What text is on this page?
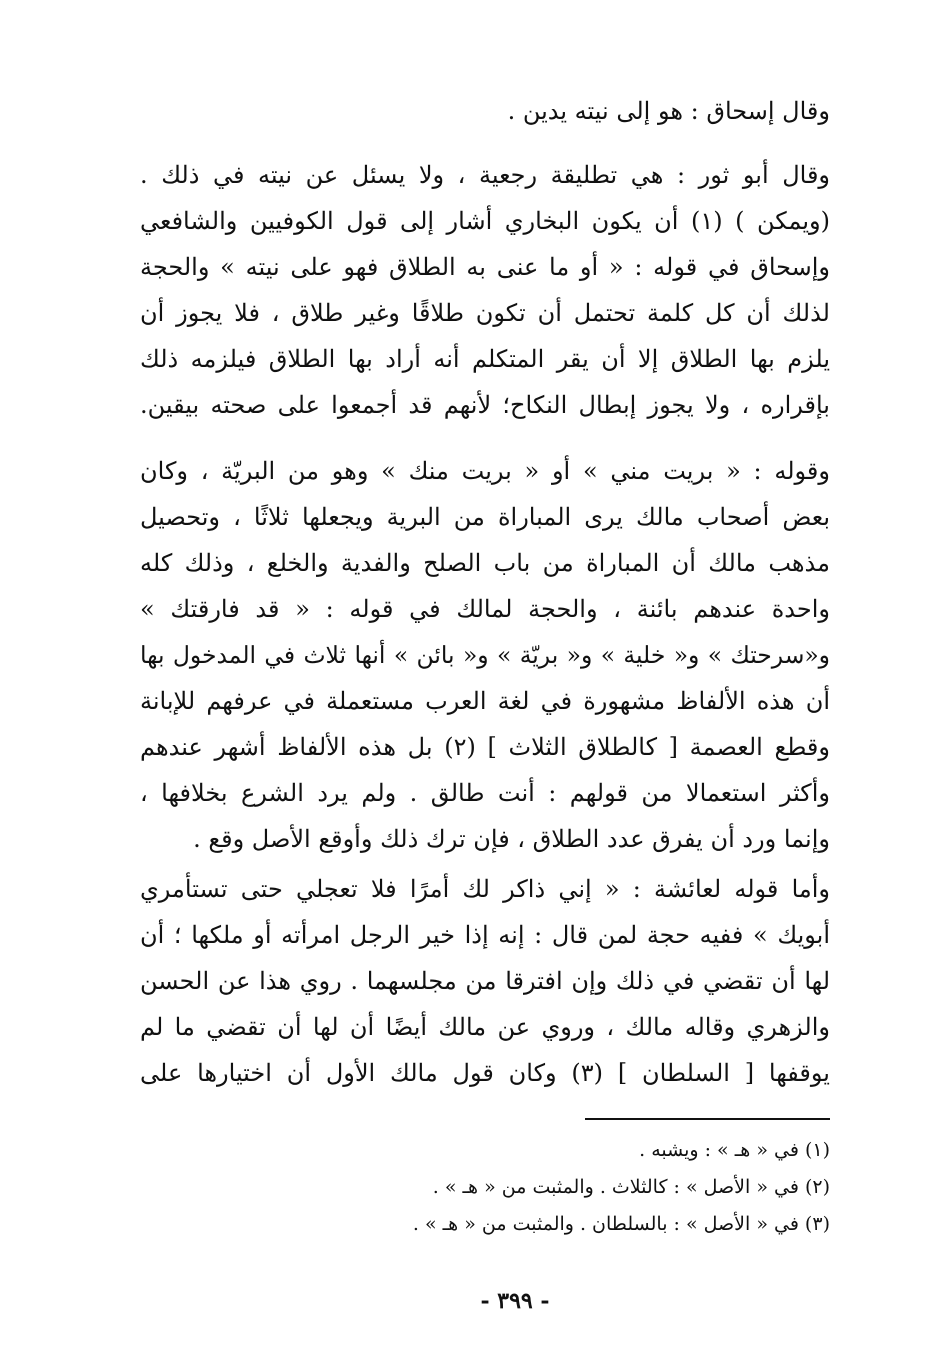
وقال إسحاق : هو إلى نيته يدين .
وقال أبو ثور : هي تطليقة رجعية ، ولا يسئل عن نيته في ذلك .
(ويمكن ) (١) أن يكون البخاري أشار إلى قول الكوفيين والشافعي
وإسحاق في قوله : « أو ما عنى به الطلاق فهو على نيته » والحجة
لذلك أن كل كلمة تحتمل أن تكون طلاقًا وغير طلاق ، فلا يجوز أن
يلزم بها الطلاق إلا أن يقر المتكلم أنه أراد بها الطلاق فيلزمه ذلك
بإقراره ، ولا يجوز إبطال النكاح؛ لأنهم قد أجمعوا على صحته بيقين.
وقوله : « بريت مني » أو « بريت منك » وهو من البريّة ، وكان
بعض أصحاب مالك يرى المباراة من البرية ويجعلها ثلاثًا ، وتحصيل
مذهب مالك أن المباراة من باب الصلح والفدية والخلع ، وذلك كله
واحدة عندهم بائنة ، والحجة لمالك في قوله : « قد فارقتك »
و«سرحتك » و« خلية » و« بريّة » و« بائن » أنها ثلاث في المدخول بها
أن هذه الألفاظ مشهورة في لغة العرب مستعملة في عرفهم للإبانة
وقطع العصمة [ كالطلاق الثلاث ] (٢) بل هذه الألفاظ أشهر عندهم
وأكثر استعمالا من قولهم : أنت طالق . ولم يرد الشرع بخلافها ،
وإنما ورد أن يفرق عدد الطلاق ، فإن ترك ذلك وأوقع الأصل وقع .
وأما قوله لعائشة : « إني ذاكر لك أمرًا فلا تعجلي حتى تستأمري
أبويك » ففيه حجة لمن قال : إنه إذا خير الرجل امرأته أو ملكها ؛ أن
لها أن تقضي في ذلك وإن افترقا من مجلسهما . روي هذا عن الحسن
والزهري وقاله مالك ، وروي عن مالك أيضًا أن لها أن تقضي ما لم
يوقفها [ السلطان ] (٣) وكان قول مالك الأول أن اختيارها على
(١) في « هـ » : ويشبه .
(٢) في « الأصل » : كالثلاث . والمثبت من « هـ » .
(٣) في « الأصل » : بالسلطان . والمثبت من « هـ » .
- ٣٩٩ -
